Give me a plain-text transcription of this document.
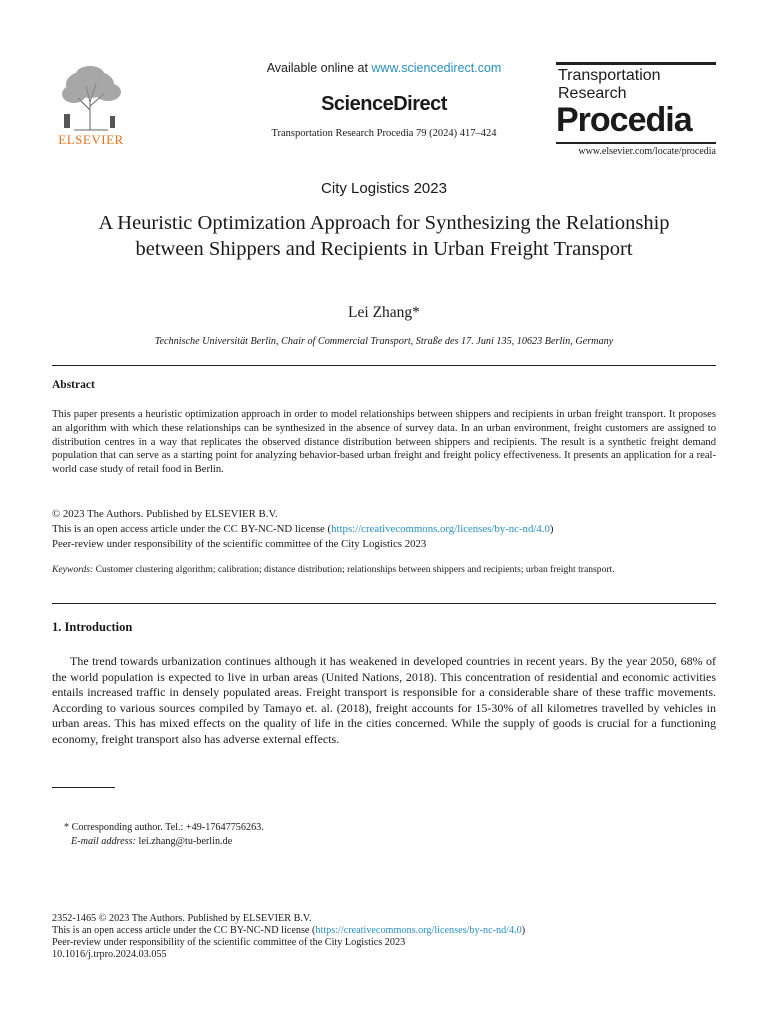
ELSEVIER
Available online at www.sciencedirect.com
ScienceDirect
Transportation Research Procedia 79 (2024) 417–424
Transportation
Research
Procedia
www.elsevier.com/locate/procedia
City Logistics 2023
A Heuristic Optimization Approach for Synthesizing the Relationship between Shippers and Recipients in Urban Freight Transport
Lei Zhang*
Technische Universität Berlin, Chair of Commercial Transport, Straße des 17. Juni 135, 10623 Berlin, Germany
Abstract

This paper presents a heuristic optimization approach in order to model relationships between shippers and recipients in urban freight transport. It proposes an algorithm with which these relationships can be synthesized in the absence of survey data. In an urban environment, freight customers are assigned to distribution centres in a way that replicates the observed distance distribution between shippers and recipients. The result is a synthetic freight demand population that can serve as a starting point for analyzing behavior-based urban freight and freight policy effectiveness. It presents an application for a real-world case study of retail food in Berlin.

© 2023 The Authors. Published by ELSEVIER B.V.
This is an open access article under the CC BY-NC-ND license (https://creativecommons.org/licenses/by-nc-nd/4.0)
Peer-review under responsibility of the scientific committee of the City Logistics 2023
Keywords: Customer clustering algorithm; calibration; distance distribution; relationships between shippers and recipients; urban freight transport.
1. Introduction

The trend towards urbanization continues although it has weakened in developed countries in recent years. By the year 2050, 68% of the world population is expected to live in urban areas (United Nations, 2018). This concentration of residential and economic activities entails increased traffic in densely populated areas. Freight transport is responsible for a considerable share of these traffic movements. According to various sources compiled by Tamayo et. al. (2018), freight accounts for 15-30% of all kilometres travelled by vehicles in urban areas. This has mixed effects on the quality of life in the cities concerned. While the supply of goods is crucial for a functioning economy, freight transport also has adverse external effects.

* Corresponding author. Tel.: +49-17647756263.
E-mail address: lei.zhang@tu-berlin.de
2352-1465 © 2023 The Authors. Published by ELSEVIER B.V.
This is an open access article under the CC BY-NC-ND license (https://creativecommons.org/licenses/by-nc-nd/4.0)
Peer-review under responsibility of the scientific committee of the City Logistics 2023
10.1016/j.trpro.2024.03.055
